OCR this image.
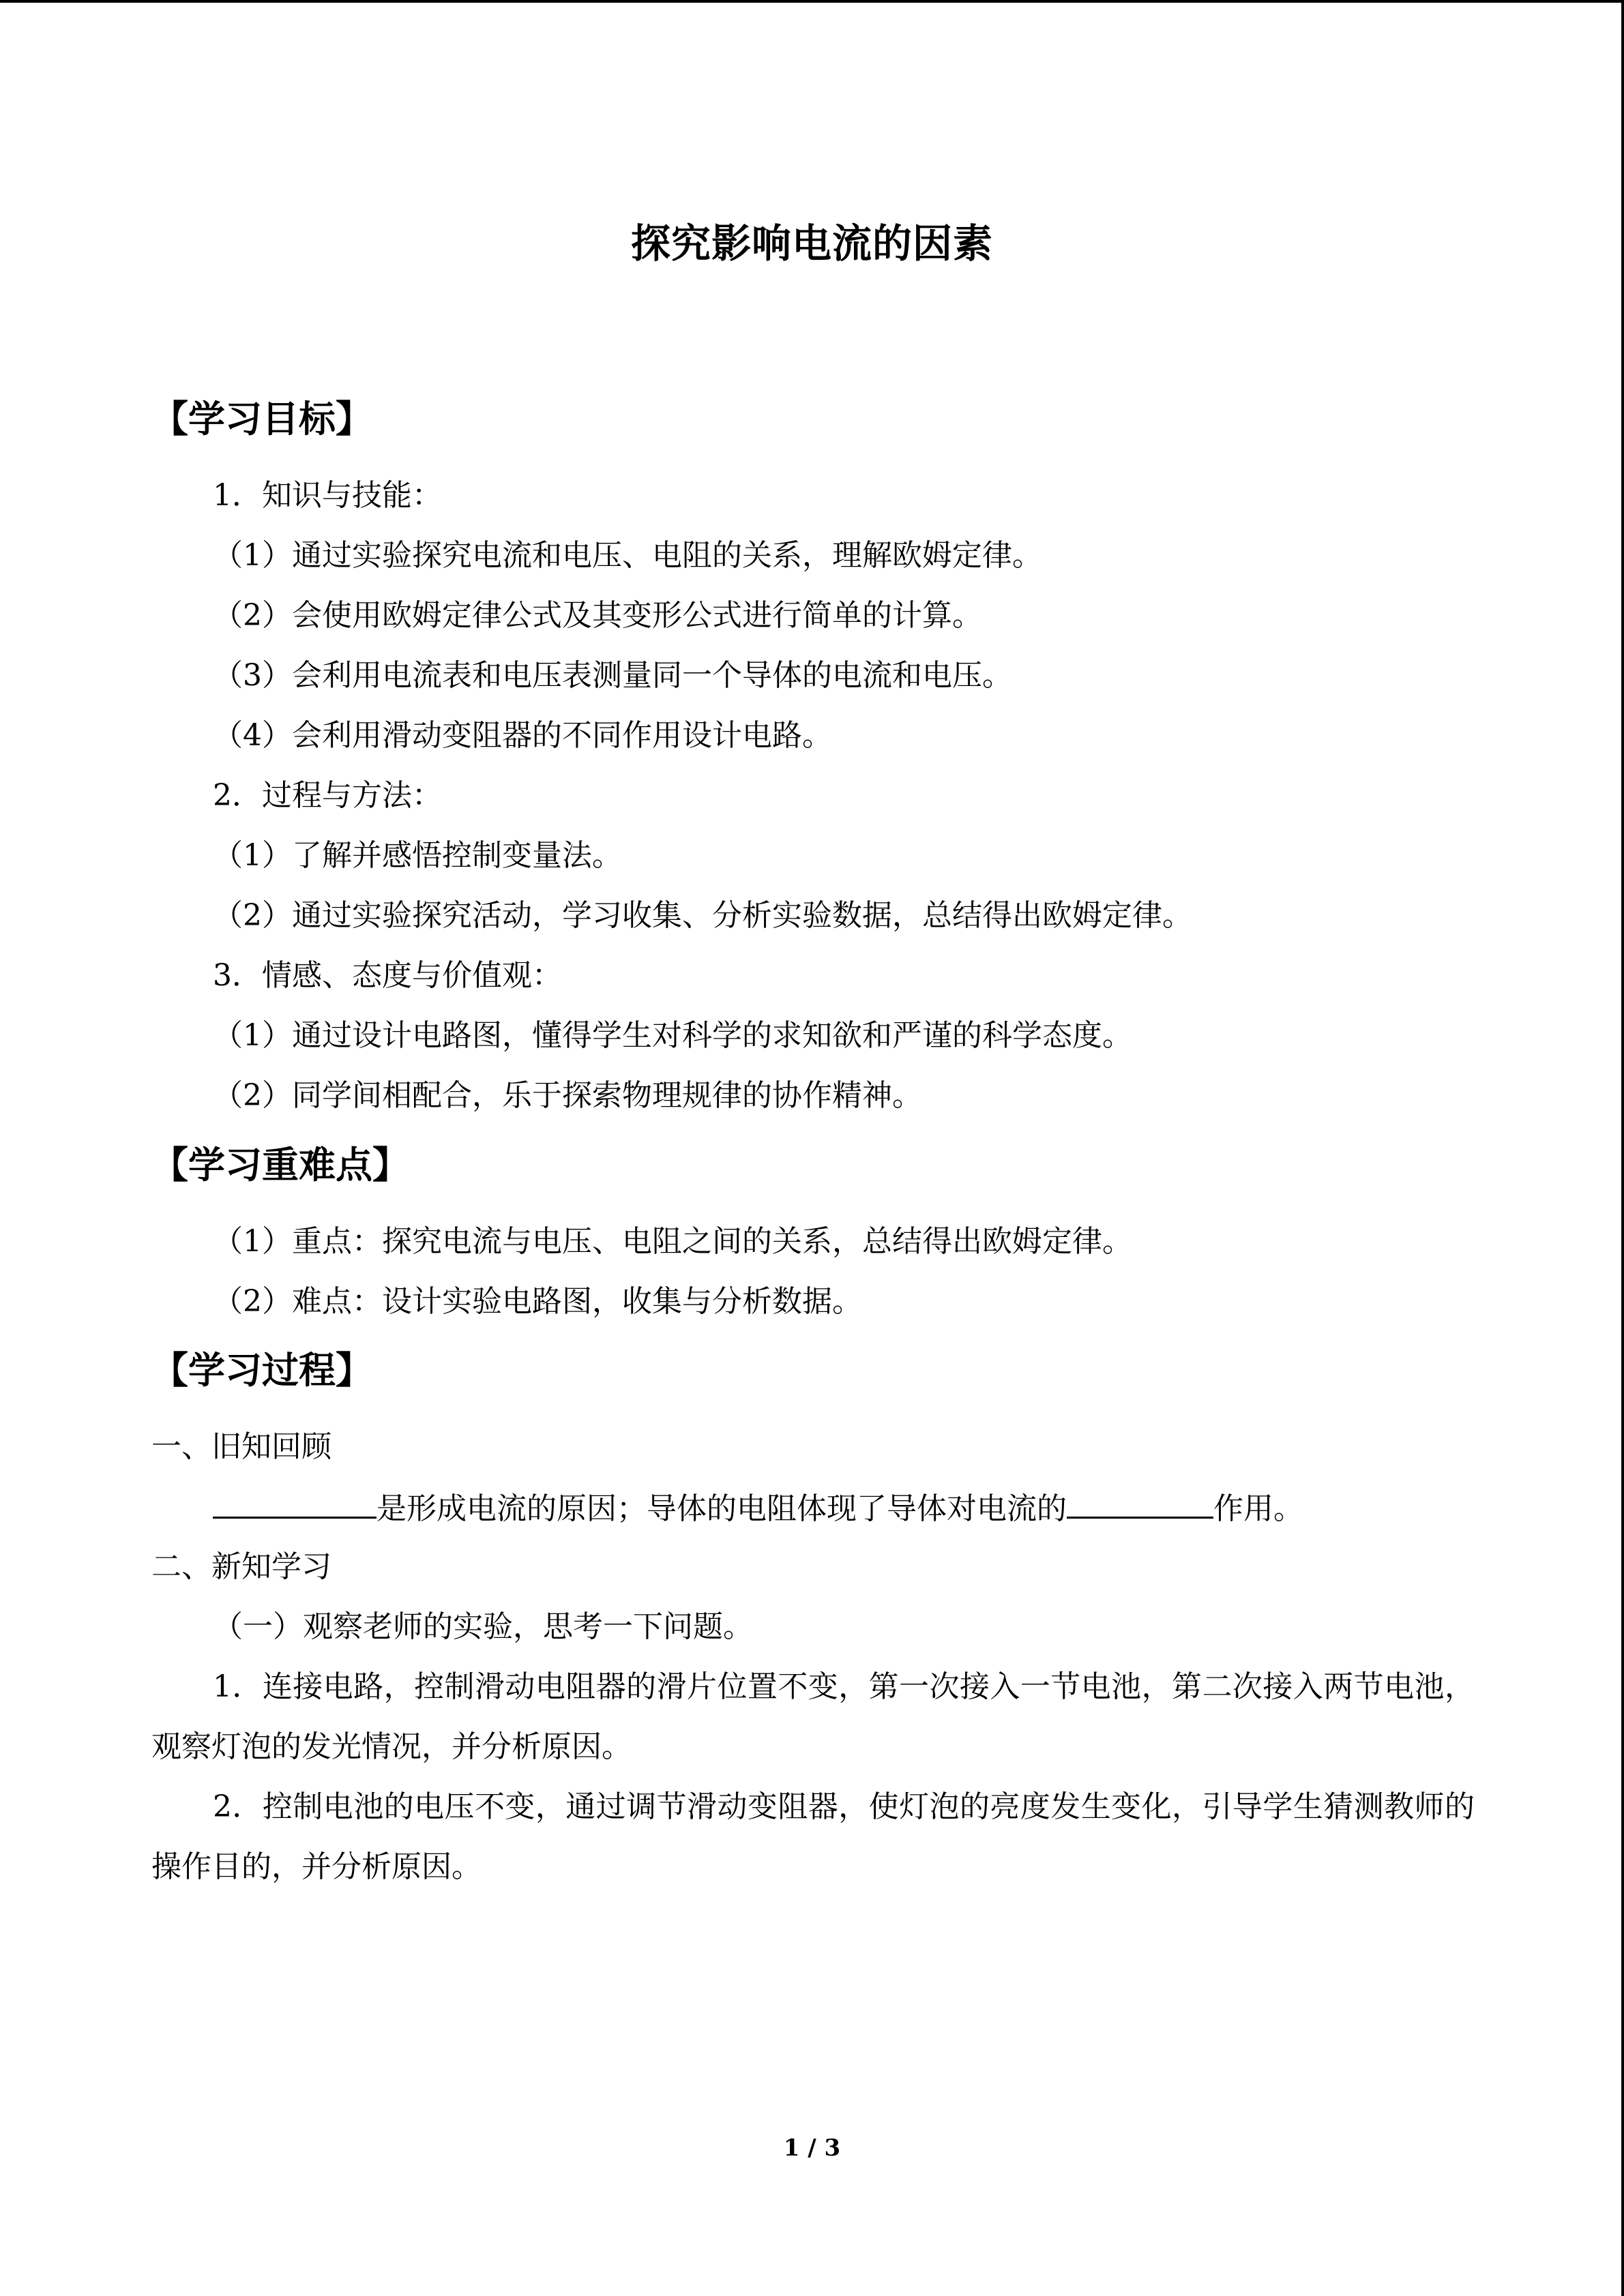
探究影响电流的因素
【学习目标】
1．知识与技能：
（1）通过实验探究电流和电压、电阻的关系，理解欧姆定律。
（2）会使用欧姆定律公式及其变形公式进行简单的计算。
（3）会利用电流表和电压表测量同一个导体的电流和电压。
（4）会利用滑动变阻器的不同作用设计电路。
2．过程与方法：
（1）了解并感悟控制变量法。
（2）通过实验探究活动，学习收集、分析实验数据，总结得出欧姆定律。
3．情感、态度与价值观：
（1）通过设计电路图，懂得学生对科学的求知欲和严谨的科学态度。
（2）同学间相配合，乐于探索物理规律的协作精神。
【学习重难点】
（1）重点：探究电流与电压、电阻之间的关系，总结得出欧姆定律。
（2）难点：设计实验电路图，收集与分析数据。
【学习过程】
一、旧知回顾
是形成电流的原因；导体的电阻体现了导体对电流的	作用。
二、新知学习
（一）观察老师的实验，思考一下问题。
1．连接电路，控制滑动电阻器的滑片位置不变，第一次接入一节电池，第二次接入两节电池，观察灯泡的发光情况，并分析原因。
2．控制电池的电压不变，通过调节滑动变阻器，使灯泡的亮度发生变化，引导学生猜测教师的操作目的，并分析原因。
1 / 3
